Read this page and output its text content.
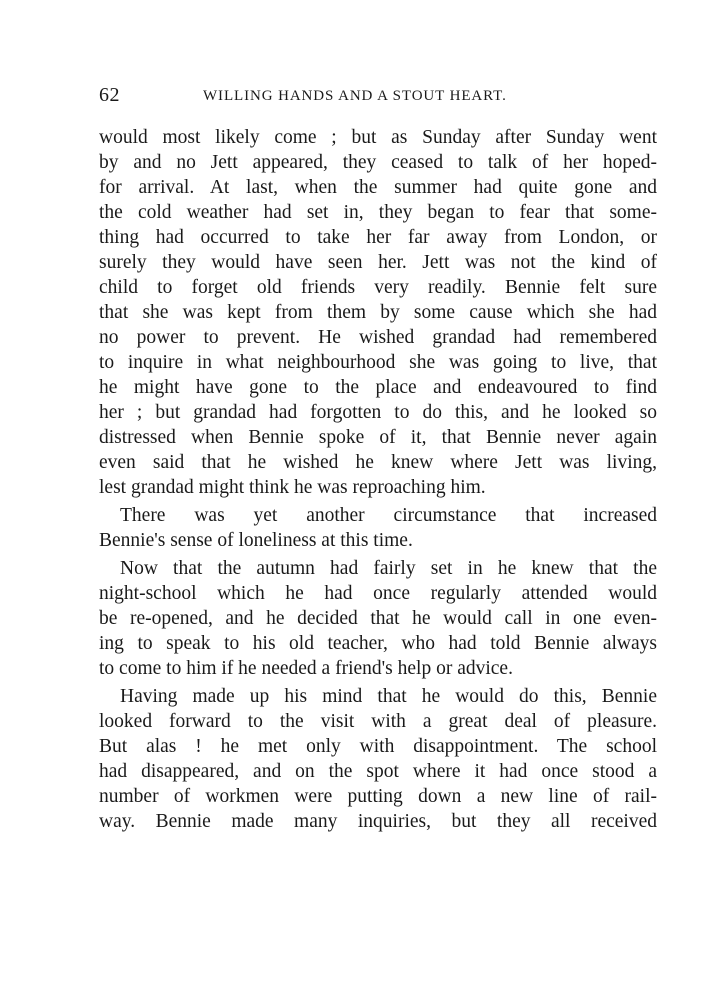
62	WILLING HANDS AND A STOUT HEART.
would most likely come ; but as Sunday after Sunday went
by and no Jett appeared, they ceased to talk of her hoped-
for arrival. At last, when the summer had quite gone and
the cold weather had set in, they began to fear that some-
thing had occurred to take her far away from London, or
surely they would have seen her. Jett was not the kind of
child to forget old friends very readily. Bennie felt sure
that she was kept from them by some cause which she had
no power to prevent. He wished grandad had remembered
to inquire in what neighbourhood she was going to live, that
he might have gone to the place and endeavoured to find
her ; but grandad had forgotten to do this, and he looked so
distressed when Bennie spoke of it, that Bennie never again
even said that he wished he knew where Jett was living,
lest grandad might think he was reproaching him.
There was yet another circumstance that increased
Bennie's sense of loneliness at this time.
Now that the autumn had fairly set in he knew that the
night-school which he had once regularly attended would
be re-opened, and he decided that he would call in one even-
ing to speak to his old teacher, who had told Bennie always
to come to him if he needed a friend's help or advice.
Having made up his mind that he would do this, Bennie
looked forward to the visit with a great deal of pleasure.
But alas ! he met only with disappointment. The school
had disappeared, and on the spot where it had once stood a
number of workmen were putting down a new line of rail-
way. Bennie made many inquiries, but they all received
